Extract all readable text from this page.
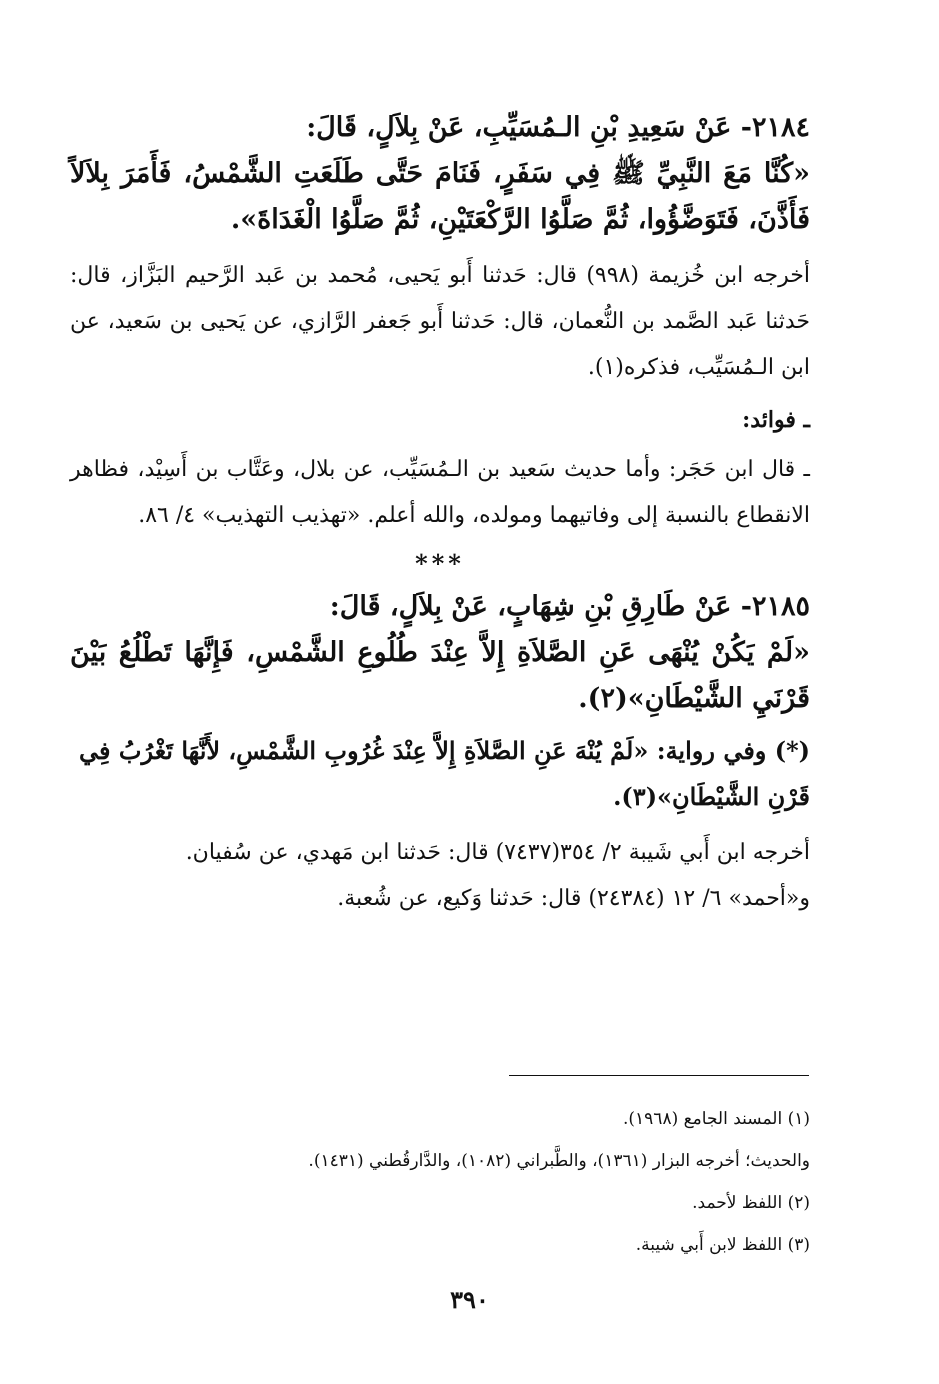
٢١٨٤- عَنْ سَعِيدِ بْنِ الـمُسَيِّبِ، عَنْ بِلاَلٍ، قَالَ:

«كُنَّا مَعَ النَّبِيِّ ﷺ فِي سَفَرٍ، فَنَامَ حَتَّى طَلَعَتِ الشَّمْسُ، فَأَمَرَ بِلاَلاً فَأَذَّنَ، فَتَوَضَّؤُوا، ثُمَّ صَلَّوُا الرَّكْعَتَيْنِ، ثُمَّ صَلَّوُا الْغَدَاةَ».

أخرجه ابن خُزيمة (٩٩٨) قال: حَدثنا أَبو يَحيى، مُحمد بن عَبد الرَّحيم البَزَّاز، قال: حَدثنا عَبد الصَّمد بن النُّعمان، قال: حَدثنا أَبو جَعفر الرَّازي، عن يَحيى بن سَعيد، عن ابن الـمُسَيِّب، فذكره(١).

ـ فوائد:

ـ قال ابن حَجَر: وأما حديث سَعيد بن الـمُسَيِّب، عن بلال، وعَتَّاب بن أَسِيْد، فظاهر الانقطاع بالنسبة إلى وفاتيهما ومولده، والله أعلم. «تهذيب التهذيب» ٤/ ٨٦.

***

٢١٨٥- عَنْ طَارِقِ بْنِ شِهَابٍ، عَنْ بِلاَلٍ، قَالَ:

«لَمْ يَكُنْ يُنْهَى عَنِ الصَّلاَةِ إِلاَّ عِنْدَ طُلُوعِ الشَّمْسِ، فَإِنَّهَا تَطْلُعُ بَيْنَ قَرْنَيِ الشَّيْطَانِ»(٢).

(*) وفي رواية: «لَمْ يُنْهَ عَنِ الصَّلاَةِ إِلاَّ عِنْدَ غُرُوبِ الشَّمْسِ، لأَنَّهَا تَغْرُبُ فِي قَرْنِ الشَّيْطَانِ»(٣).

أخرجه ابن أَبي شَيبة ٢/ ٣٥٤(٧٤٣٧) قال: حَدثنا ابن مَهدي، عن سُفيان.

و«أحمد» ٦/ ١٢ (٢٤٣٨٤) قال: حَدثنا وَكيع، عن شُعبة.

(١) المسند الجامع (١٩٦٨).

والحديث؛ أخرجه البزار (١٣٦١)، والطَّبراني (١٠٨٢)، والدَّارقُطني (١٤٣١).

(٢) اللفظ لأحمد.

(٣) اللفظ لابن أَبي شيبة.

٣٩٠
